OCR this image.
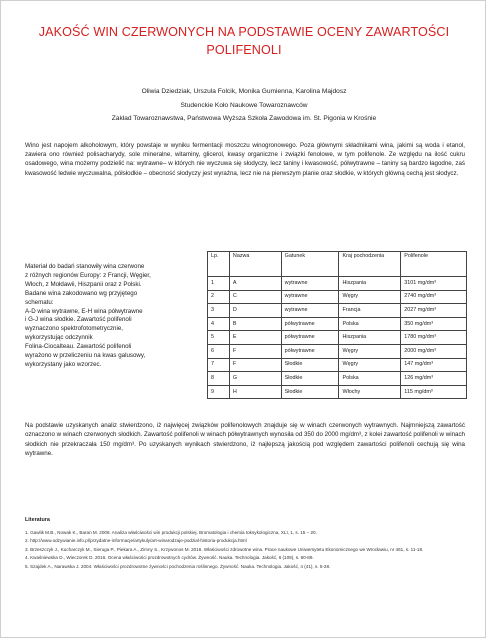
JAKOŚĆ WIN CZERWONYCH NA PODSTAWIE OCENY ZAWARTOŚCI POLIFENOLI
Oliwia Dziedziak, Urszula Folcik, Monika Gumienna, Karolina Majdosz
Studenckie Koło Naukowe Towaroznawców
Zakład Towaroznawstwa, Państwowa Wyższa Szkoła Zawodowa im. St. Pigonia w Krośnie
Wino jest napojem alkoholowym, który powstaje w wyniku fermentacji moszczu winogronowego. Poza głównymi składnikami wina, jakimi są woda i etanol, zawiera ono również polisacharydy, sole mineralne, witaminy, glicerol, kwasy organiczne i związki fenolowe, w tym polifenole. Ze względu na ilość cukru osadowego, wina możemy podzielić na: wytrawne– w których nie wyczuwa się słodyczy, lecz taniny i kwasowość, półwytrawne – taniny są bardzo łagodne, zaś kwasowość ledwie wyczuwalna, półsłodkie – obecność słodyczy jest wyraźna, lecz nie na pierwszym planie oraz słodkie, w których główną cechą jest słodycz.
Materiał do badań stanowiły wina czerwone
z różnych regionów Europy: z Francji, Węgier,
Włoch, z Mołdawii, Hiszpanii oraz z Polski.
Badane wina zakodowano wg przyjętego
schematu:
A-D wina wytrawne, E-H wina półwytrawne
i G-J wina słodkie. Zawartość polifenoli
wyznaczono spektrofotometrycznie,
wykorzystując odczynnik
Folina-Ciocalteau. Zawartość polifenoli
wyrażono w przeliczeniu na kwas galusowy,
wykorzystany jako wzorzec.
Lp.	Nazwa	Gatunek	Kraj pochodzenia	Polifenole
1	A	wytrawne	Hiszpania	3101 mg/dm³
2	C	wytrawne	Węgry	2740 mg/dm³
3	D	wytrawne	Francja	2027 mg/dm³
4	B	półwytrawne	Polska	350 mg/dm³
5	E	półwytrawne	Hiszpania	1780 mg/dm³
6	F	półwytrawne	Węgry	2000 mg/dm³
7	F	Słodkie	Węgry	147 mg/dm³
8	G	Słodkie	Polska	126 mg/dm³
9	H	Słodkie	Włochy	115 mg/dm³
Na podstawie uzyskanych analiz stwierdzono, iż najwięcej związków polifenolowych znajduje się w winach czerwonych wytrawnych. Najmniejszą zawartość oznaczono w winach czerwonych słodkich. Zawartość polifenoli w winach półwytrawnych wynosiła od 350 do 2000 mg/dm³, z kolei zawartość polifenoli w winach słodkich nie przekraczała 150 mg/dm³. Po uzyskanych wynikach stwierdzono, iż najlepszą jakością pod względem zawartości polifenoli cechują się wina wytrawne.
Literatura
1. Gawlik M.B., Nowak K., Baran M. 2008. Analiza właściwości win produkcji polskiej. Bromatologia i chemia toksykologiczna, XLI, 1, s. 15 – 20.
2. http://www.odzywianie.info.pl/przydatne-informacje/artykuly/art-winarodzaje-podzial-historia-produkcja.html
3. Brzeszczyk J., Kucharczyk M., Sieruga P., Piekara A., Zimny S., Krzywonos M. 2016. Właściwości zdrowotne wina. Prace naukowe Uniwersytetu Ekonomicznego we Wrocławiu, nr 461, s. 11-18.
4. Kwaśniewska D., Wieczorek D. 2016. Ocena właściwości prozdrowotnych cydrów. Żywność. Nauka. Technologia. Jakość, 6 (109), s. 80-89.
5. Szajdek A., Narawska J. 2004. Właściwości prozdrowotne żywności pochodzenia roślinnego. Żywność. Nauka. Technologia. Jakość, 4 (41), s. 5-28.
